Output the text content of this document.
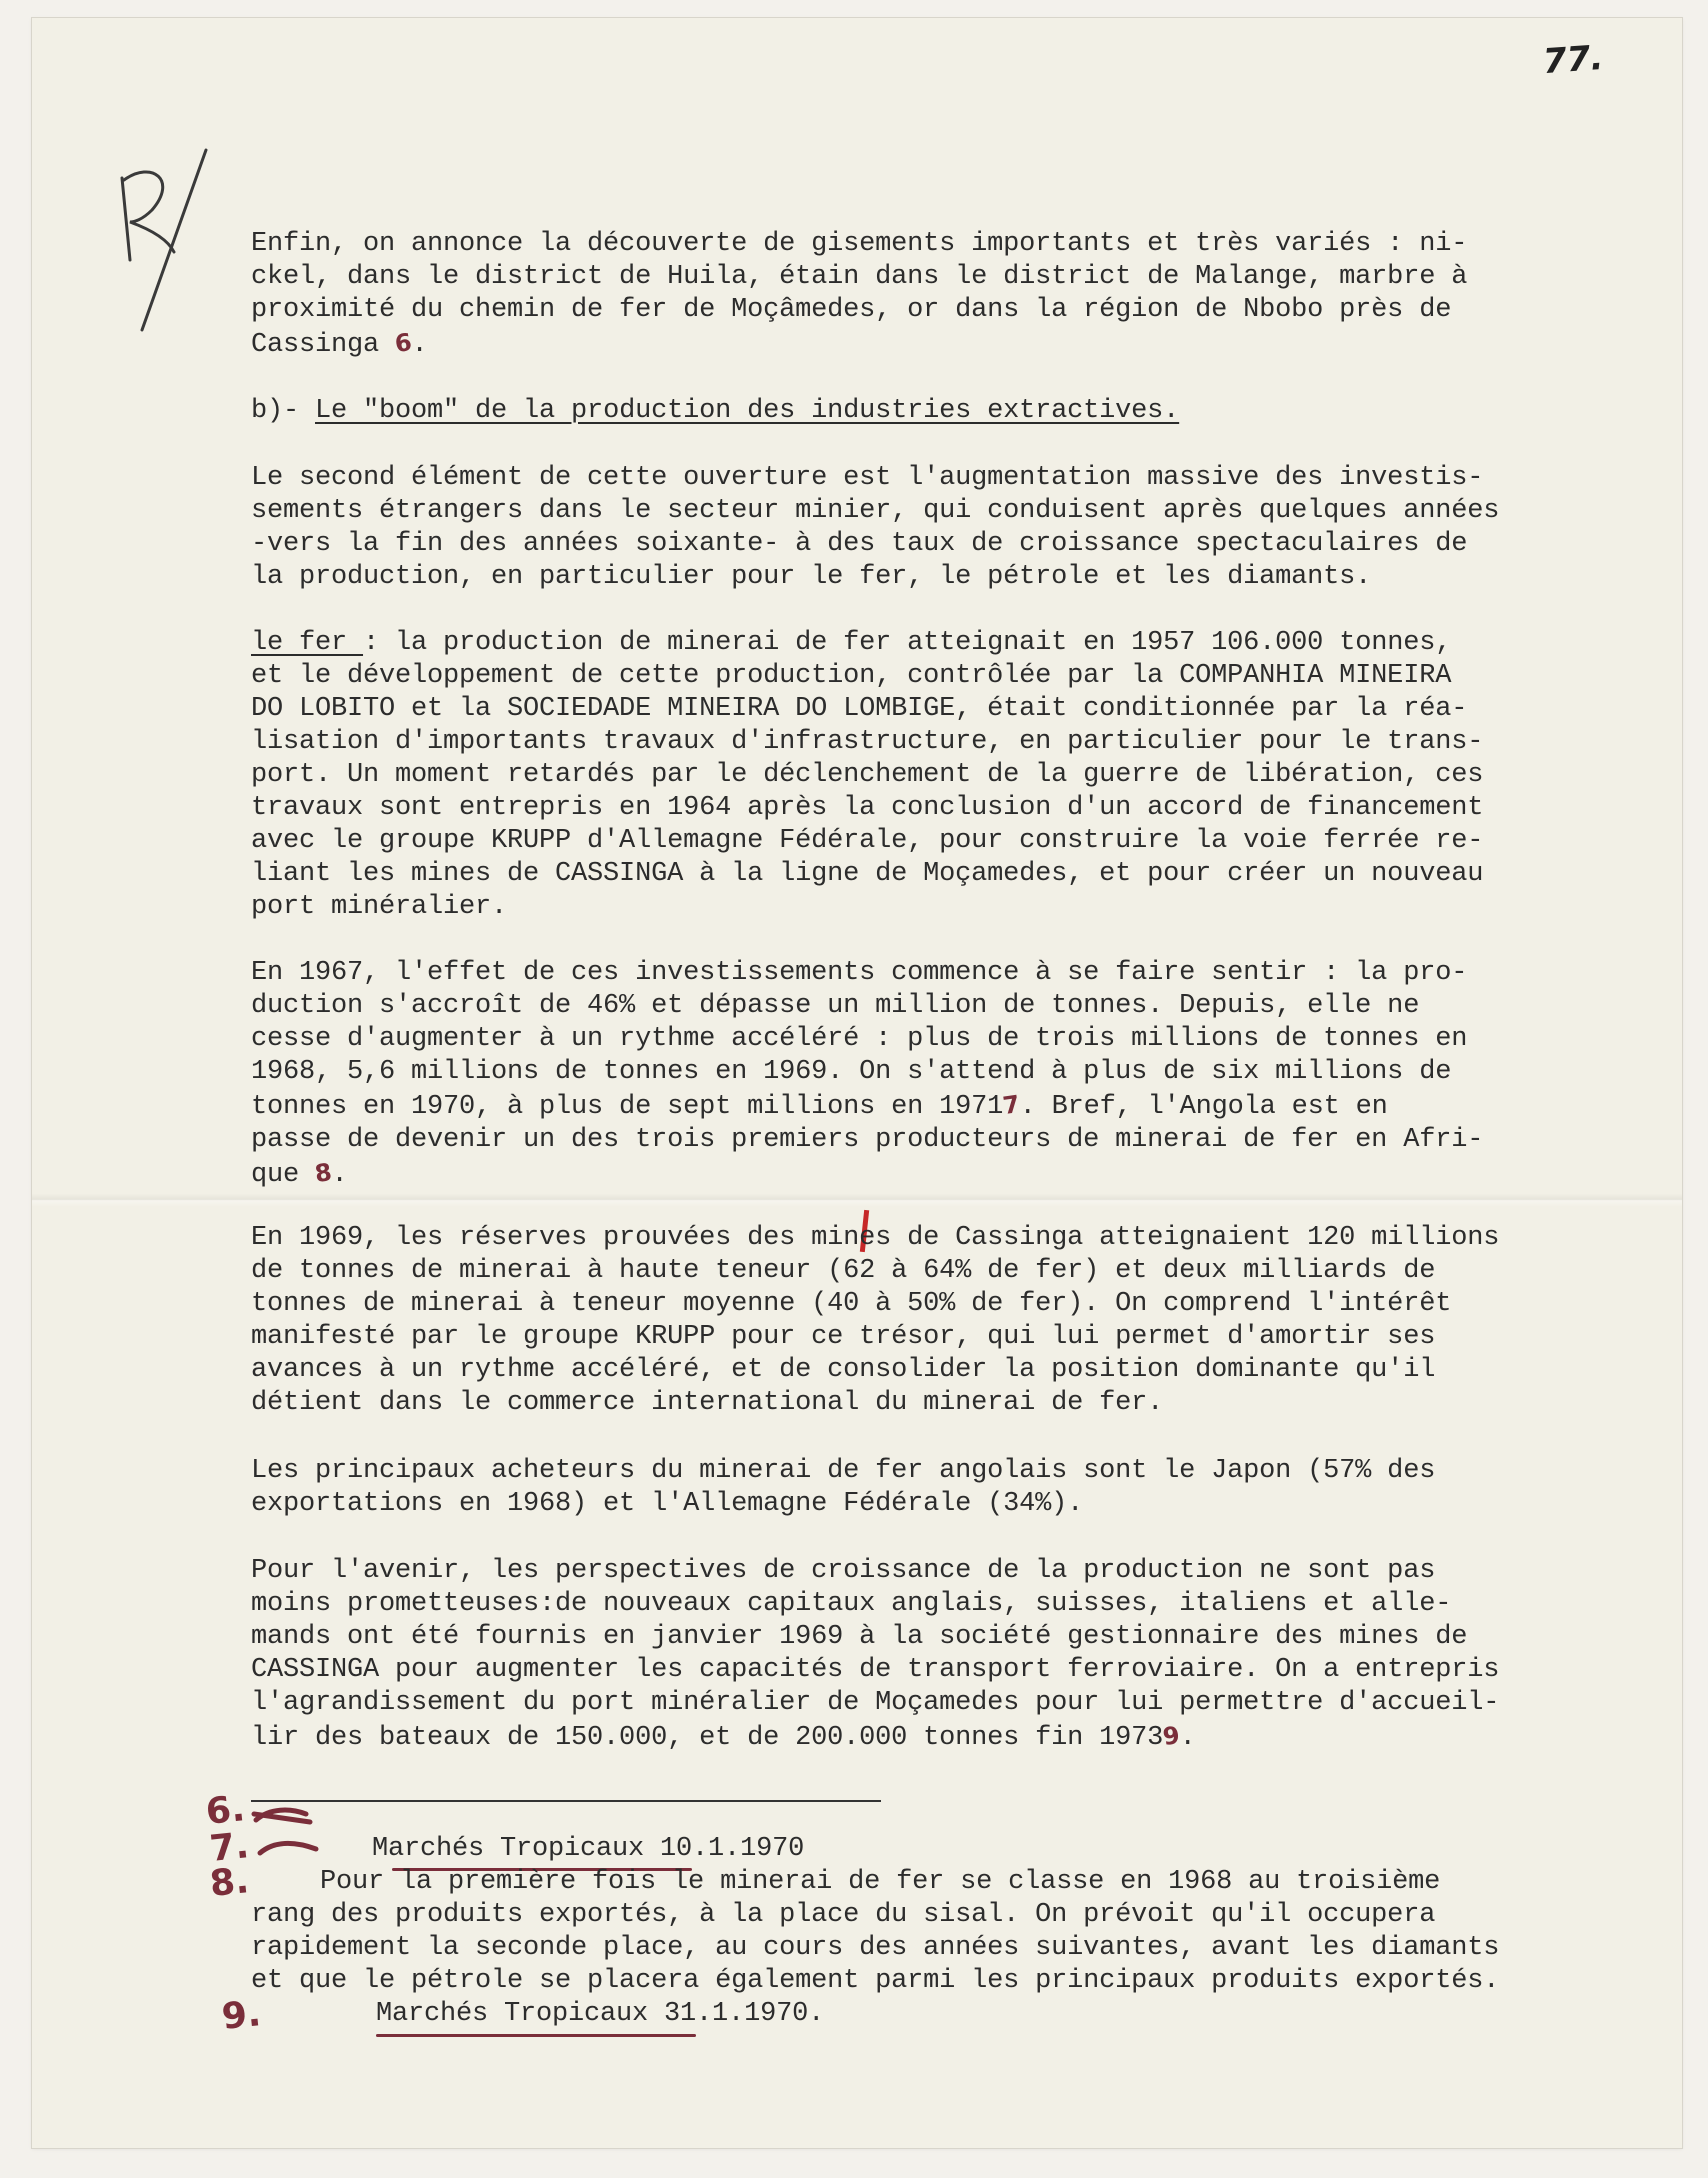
77.
Enfin, on annonce la découverte de gisements importants et très variés : ni-
ckel, dans le district de Huila, étain dans le district de Malange, marbre à
proximité du chemin de fer de Moçâmedes, or dans la région de Nbobo près de
Cassinga 6.
b)- Le "boom" de la production des industries extractives.
Le second élément de cette ouverture est l'augmentation massive des investis-
sements étrangers dans le secteur minier, qui conduisent après quelques années
-vers la fin des années soixante- à des taux de croissance spectaculaires de
la production, en particulier pour le fer, le pétrole et les diamants.
le fer : la production de minerai de fer atteignait en 1957 106.000 tonnes,
et le développement de cette production, contrôlée par la COMPANHIA MINEIRA
DO LOBITO et la SOCIEDADE MINEIRA DO LOMBIGE, était conditionnée par la réa-
lisation d'importants travaux d'infrastructure, en particulier pour le trans-
port. Un moment retardés par le déclenchement de la guerre de libération, ces
travaux sont entrepris en 1964 après la conclusion d'un accord de financement
avec le groupe KRUPP d'Allemagne Fédérale, pour construire la voie ferrée re-
liant les mines de CASSINGA à la ligne de Moçamedes, et pour créer un nouveau
port minéralier.
En 1967, l'effet de ces investissements commence à se faire sentir : la pro-
duction s'accroît de 46% et dépasse un million de tonnes. Depuis, elle ne
cesse d'augmenter à un rythme accéléré : plus de trois millions de tonnes en
1968, 5,6 millions de tonnes en 1969. On s'attend à plus de six millions de
tonnes en 1970, à plus de sept millions en 19717. Bref, l'Angola est en
passe de devenir un des trois premiers producteurs de minerai de fer en Afri-
que 8.
En 1969, les réserves prouvées des mines de Cassinga atteignaient 120 millions
de tonnes de minerai à haute teneur (62 à 64% de fer) et deux milliards de
tonnes de minerai à teneur moyenne (40 à 50% de fer). On comprend l'intérêt
manifesté par le groupe KRUPP pour ce trésor, qui lui permet d'amortir ses
avances à un rythme accéléré, et de consolider la position dominante qu'il
détient dans le commerce international du minerai de fer.
Les principaux acheteurs du minerai de fer angolais sont le Japon (57% des
exportations en 1968) et l'Allemagne Fédérale (34%).
Pour l'avenir, les perspectives de croissance de la production ne sont pas
moins prometteuses:de nouveaux capitaux anglais, suisses, italiens et alle-
mands ont été fournis en janvier 1969 à la société gestionnaire des mines de
CASSINGA pour augmenter les capacités de transport ferroviaire. On a entrepris
l'agrandissement du port minéralier de Moçamedes pour lui permettre d'accueil-
lir des bateaux de 150.000, et de 200.000 tonnes fin 19739.
6.
7.
8.
9.
Marchés Tropicaux 10.1.1970
Pour la première fois le minerai de fer se classe en 1968 au troisième
rang des produits exportés, à la place du sisal. On prévoit qu'il occupera
rapidement la seconde place, au cours des années suivantes, avant les diamants
et que le pétrole se placera également parmi les principaux produits exportés.
Marchés Tropicaux 31.1.1970.
